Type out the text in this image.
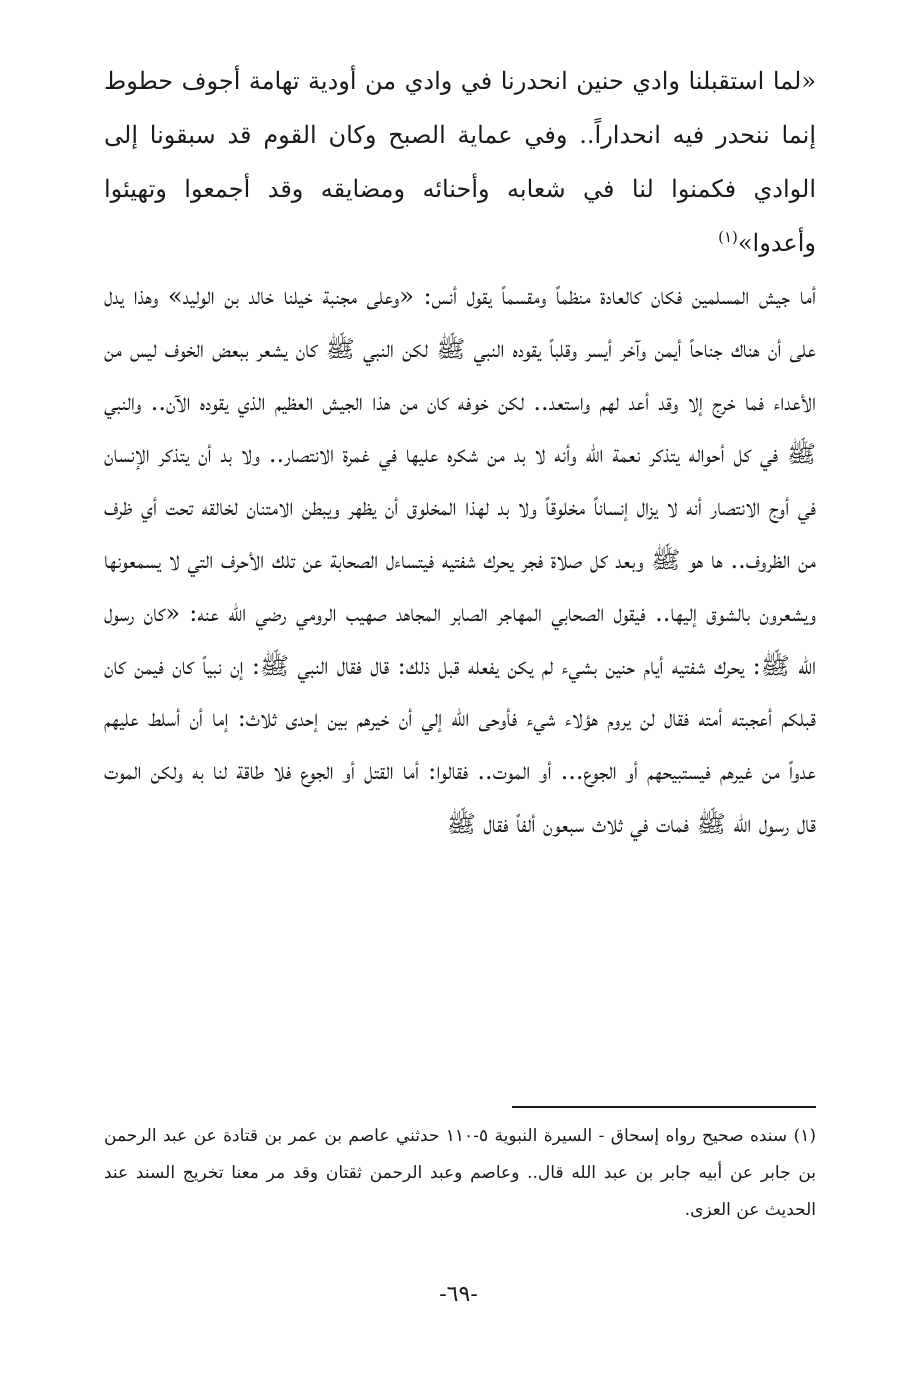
«لما استقبلنا وادي حنين انحدرنا في وادي من أودية تهامة أجوف حطوط إنما ننحدر فيه انحداراً.. وفي عماية الصبح وكان القوم قد سبقونا إلى الوادي فكمنوا لنا في شعابه وأحنائه ومضايقه وقد أجمعوا وتهيئوا وأعدوا»$^{(١)}$
أما جيش المسلمين فكان كالعادة منظماً ومقسماً يقول أنس: «وعلى مجنبة خيلنا خالد بن الوليد» وهذا يدل على أن هناك جناحاً أيمن وآخر أيسر وقلباً يقوده النبي ﷺ لكن النبي ﷺ كان يشعر ببعض الخوف ليس من الأعداء فما خرج إلا وقد أعد لهم واستعد.. لكن خوفه كان من هذا الجيش العظيم الذي يقوده الآن.. والنبي ﷺ في كل أحواله يتذكر نعمة الله وأنه لا بد من شكره عليها في غمرة الانتصار.. ولا بد أن يتذكر الإنسان في أوج الانتصار أنه لا يزال إنساناً مخلوقاً ولا بد لهذا المخلوق أن يظهر ويبطن الامتنان لخالقه تحت أي ظرف من الظروف.. ها هو ﷺ وبعد كل صلاة فجر يحرك شفتيه فيتساءل الصحابة عن تلك الأحرف التي لا يسمعونها ويشعرون بالشوق إليها.. فيقول الصحابي المهاجر الصابر المجاهد صهيب الرومي رضي الله عنه: «كان رسول الله ﷺ: يحرك شفتيه أيام حنين بشيء لم يكن يفعله قبل ذلك: قال فقال النبي ﷺ: إن نبياً كان فيمن كان قبلكم أعجبته أمته فقال لن يروم هؤلاء شيء فأوحى الله إلي أن خيرهم بين إحدى ثلاث: إما أن أسلط عليهم عدواً من غيرهم فيستبيحهم أو الجوع... أو الموت.. فقالوا: أما القتل أو الجوع فلا طاقة لنا به ولكن الموت قال رسول الله ﷺ فمات في ثلاث سبعون ألفاً فقال ﷺ
(١) سنده صحيح رواه إسحاق - السيرة النبوية ٥-١١٠ حدثني عاصم بن عمر بن قتادة عن عبد الرحمن بن جابر عن أبيه جابر بن عبد الله قال.. وعاصم وعبد الرحمن ثقتان وقد مر معنا تخريج السند عند الحديث عن العزى.
-٦٩-
